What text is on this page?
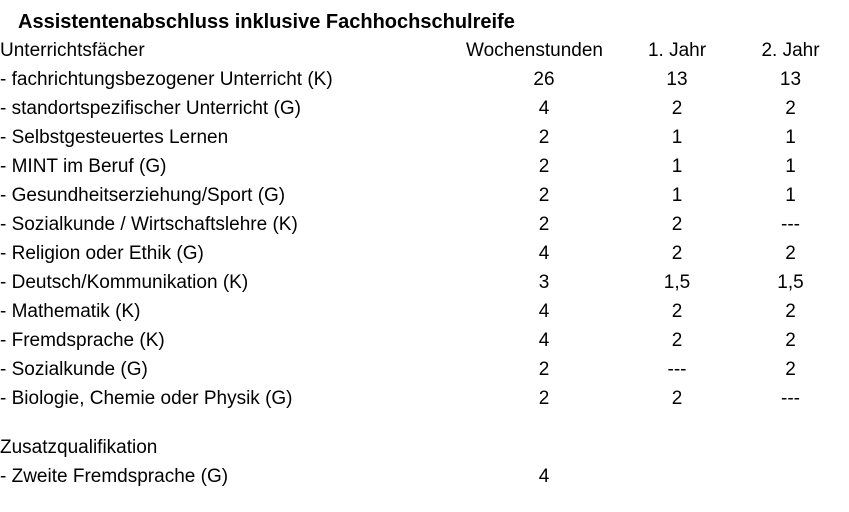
Assistentenabschluss inklusive Fachhochschulreife
Unterrichtsfächer	Wochenstunden	1. Jahr	2. Jahr
- fachrichtungsbezogener Unterricht (K)	26	13	13
- standortspezifischer Unterricht (G)	4	2	2
- Selbstgesteuertes Lernen	2	1	1
- MINT im Beruf (G)	2	1	1
- Gesundheitserziehung/Sport (G)	2	1	1
- Sozialkunde / Wirtschaftslehre (K)	2	2	---
- Religion oder Ethik (G)	4	2	2
- Deutsch/Kommunikation (K)	3	1,5	1,5
- Mathematik (K)	4	2	2
- Fremdsprache (K)	4	2	2
- Sozialkunde (G)	2	---	2
- Biologie, Chemie oder Physik (G)	2	2	---

Zusatzqualifikation			
- Zweite Fremdsprache (G)	4		
